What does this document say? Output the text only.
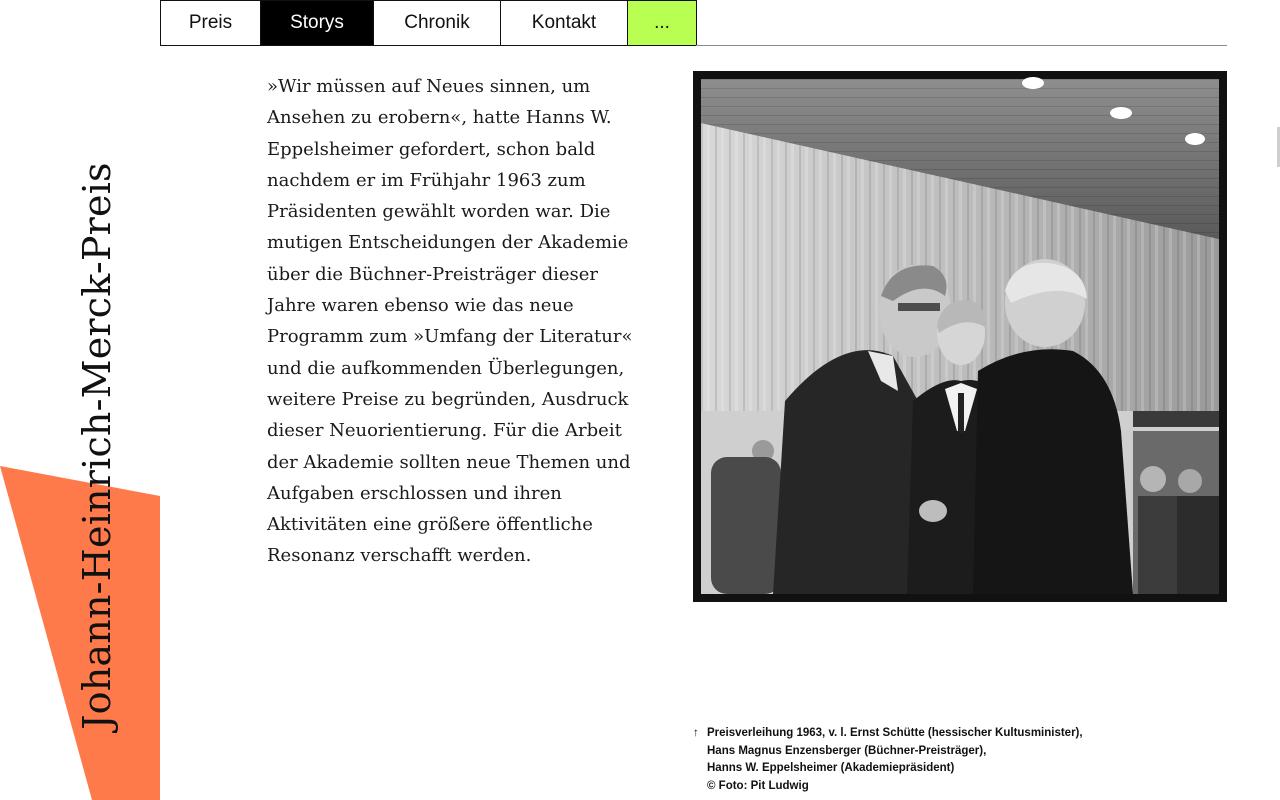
Johann-Heinrich-Merck-Preis
Preis	Storys	Chronik	Kontakt	...

»Wir müssen auf Neues sinnen, um Ansehen zu erobern«, hatte Hanns W. Eppelsheimer gefordert, schon bald nachdem er im Frühjahr 1963 zum Präsidenten gewählt worden war. Die mutigen Entscheidungen der Akademie über die Büchner-Preisträger dieser Jahre waren ebenso wie das neue Programm zum »Umfang der Literatur« und die aufkommenden Überlegungen, weitere Preise zu begründen, Ausdruck dieser Neuorientierung. Für die Arbeit der Akademie sollten neue Themen und Aufgaben erschlossen und ihren Aktivitäten eine größere öffentliche Resonanz verschafft werden.

↑ Preisverleihung 1963, v. l. Ernst Schütte (hessischer Kultusminister),
Hans Magnus Enzensberger (Büchner-Preisträger),
Hanns W. Eppelsheimer (Akademiepräsident)
© Foto: Pit Ludwig
